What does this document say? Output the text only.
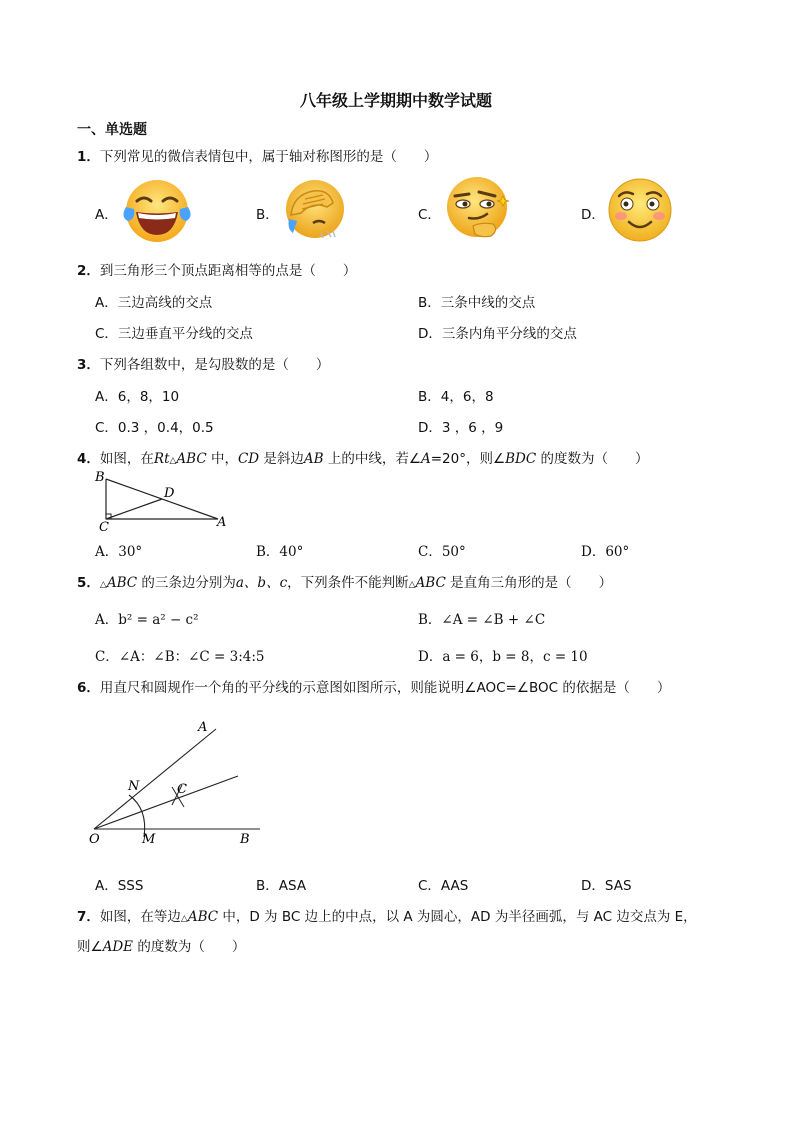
八年级上学期期中数学试题
一、单选题
1．下列常见的微信表情包中，属于轴对称图形的是（　　）
A．	B．	C．	D．
2．到三角形三个顶点距离相等的点是（　　）
A．三边高线的交点	B．三条中线的交点
C．三边垂直平分线的交点	D．三条内角平分线的交点
3．下列各组数中，是勾股数的是（　　）
A．6，8，10	B．4，6，8
C．0.3 ，0.4，0.5	D．3 ，6 ，9
4．如图，在Rt△ABC 中，CD 是斜边AB 上的中线，若∠A=20°，则∠BDC 的度数为（　　）
B
D
C	A
A．30°	B．40°	C．50°	D．60°
5．△ABC 的三条边分别为a、b、c，下列条件不能判断△ABC 是直角三角形的是（　　）
A．b² = a² − c²	B．∠A = ∠B + ∠C
C．∠A：∠B：∠C = 3:4:5	D．a = 6，b = 8，c = 10
6．用直尺和圆规作一个角的平分线的示意图如图所示，则能说明∠AOC=∠BOC 的依据是（　　）
A
N	C
O	M	B
A．SSS	B．ASA	C．AAS	D．SAS
7．如图，在等边△ABC 中，D 为 BC 边上的中点，以 A 为圆心，AD 为半径画弧，与 AC 边交点为 E，
则∠ADE 的度数为（　　）
